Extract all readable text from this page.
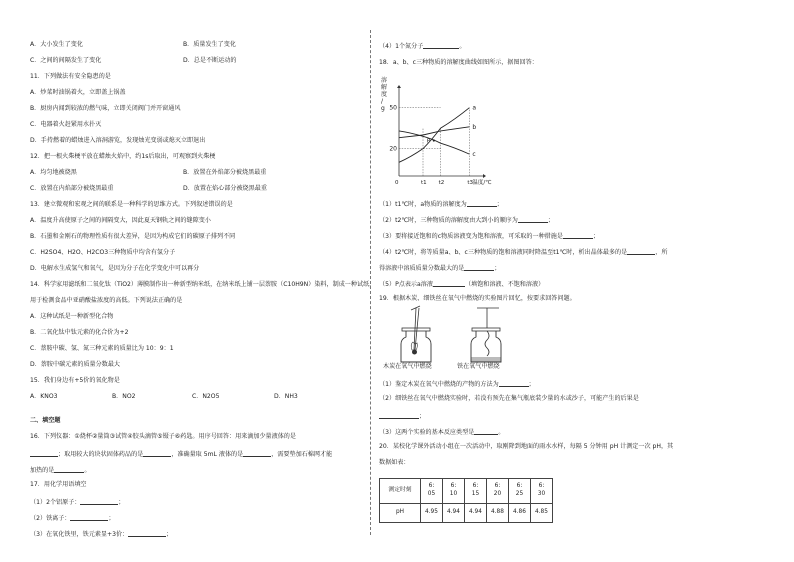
A．大小发生了变化	B．质量发生了变化
C．之间的间隔发生了变化	D．总是不断运动的
11．下列做法有安全隐患的是
A．炒菜时油锅着火，立即盖上锅盖
B．厨房内闻到较浓的燃气味，立即关闭阀门并开窗通风
C．电器着火赶紧用水扑灭
D．手持燃着的蜡烛进入溶洞游览，发现烛光变弱或熄灭立即退出
12．把一根火柴梗平放在蜡烛火焰中，约1s后取出，可观察到火柴梗
A．均匀地被烧黑	B．放置在外焰部分被烧黑最重
C．放置在内焰部分被烧黑最重	D．放置在焰心部分被烧黑最重
13．建立微观和宏观之间的联系是一种科学的思维方式。下列叙述错误的是
A．温度升高使原子之间的间隔变大，因此夏天钢轨之间的缝隙变小
B．石墨和金刚石的物理性质有很大差异，是因为构成它们的碳原子排列不同
C．H2SO4、H2O、H2CO3三种物质中均含有氢分子
D．电解水生成氢气和氧气，是因为分子在化学变化中可以再分
14．科学家用滤纸和二氧化钛（TiO2）薄膜制作出一种新型纳米纸，在纳米纸上铺一层萘胺（C10H9N）染料，制成一种试纸，
用于检测食品中亚硝酸盐浓度的高低。下列说法正确的是
A．这种试纸是一种新型化合物
B．二氧化钛中钛元素的化合价为+2
C．萘胺中碳、氢、氮三种元素的质量比为 10：9：1
D．萘胺中碳元素的质量分数最大
15．我们身边有+5价的氧化物是
A．KNO3	B．NO2	C．N2O5	D．NH3
二、填空题
16．下列仪器：①烧杯②量筒③试管④胶头滴管⑤镊子⑥药匙。用序号回答：用来滴加少量液体的是
；取用较大的块状固体药品的是	，准确量取 5mL 液体的是	，需要垫加石棉网才能
加热的是	。
17．用化学用语填空
（1）2个铝原子：	；
（2）铁离子：	；
（3）在氧化铁里，铁元素显+3价：	；
（4）1个氮分子	。
18．a、b、c三种物质的溶解度曲线如图所示，据图回答：
溶
解
度
/
g 50
20
0	t1 t2	t3 温度/℃
a
b
c
P
（1）t1℃时，a物质的溶解度为	；
（2）t2℃时，三种物质的溶解度由大到小的顺序为	；
（3）要将接近饱和的c物质溶液变为饱和溶液，可采取的一种措施是	；
（4）t2℃时，将等质量a、b、c三种物质的饱和溶液同时降温至t1℃时，析出晶体最多的是	，所
得溶液中溶质质量分数最大的是	；
（5）P点表示a溶液	（填饱和溶液、不饱和溶液）
19．根据木炭、细铁丝在氧气中燃烧的实验图片回忆，按要求回答问题。
木炭在氧气中燃烧	铁在氧气中燃烧
（1）鉴定木炭在氧气中燃烧的产物的方法为	；
（2）细铁丝在氧气中燃烧实验时，若没有预先在集气瓶底装少量的水或沙子，可能产生的后果是
；
（3）这两个实验的基本反应类型是	。
20．某校化学课外活动小组在一次活动中，取刚降到地面的雨水水样，每隔 5 分钟用 pH 计测定一次 pH，其
数据如表：
测定时刻	6:
05	6:
10	6:
15	6:
20	6:
25	6:
30
pH	4.95	4.94	4.94	4.88	4.86	4.85
